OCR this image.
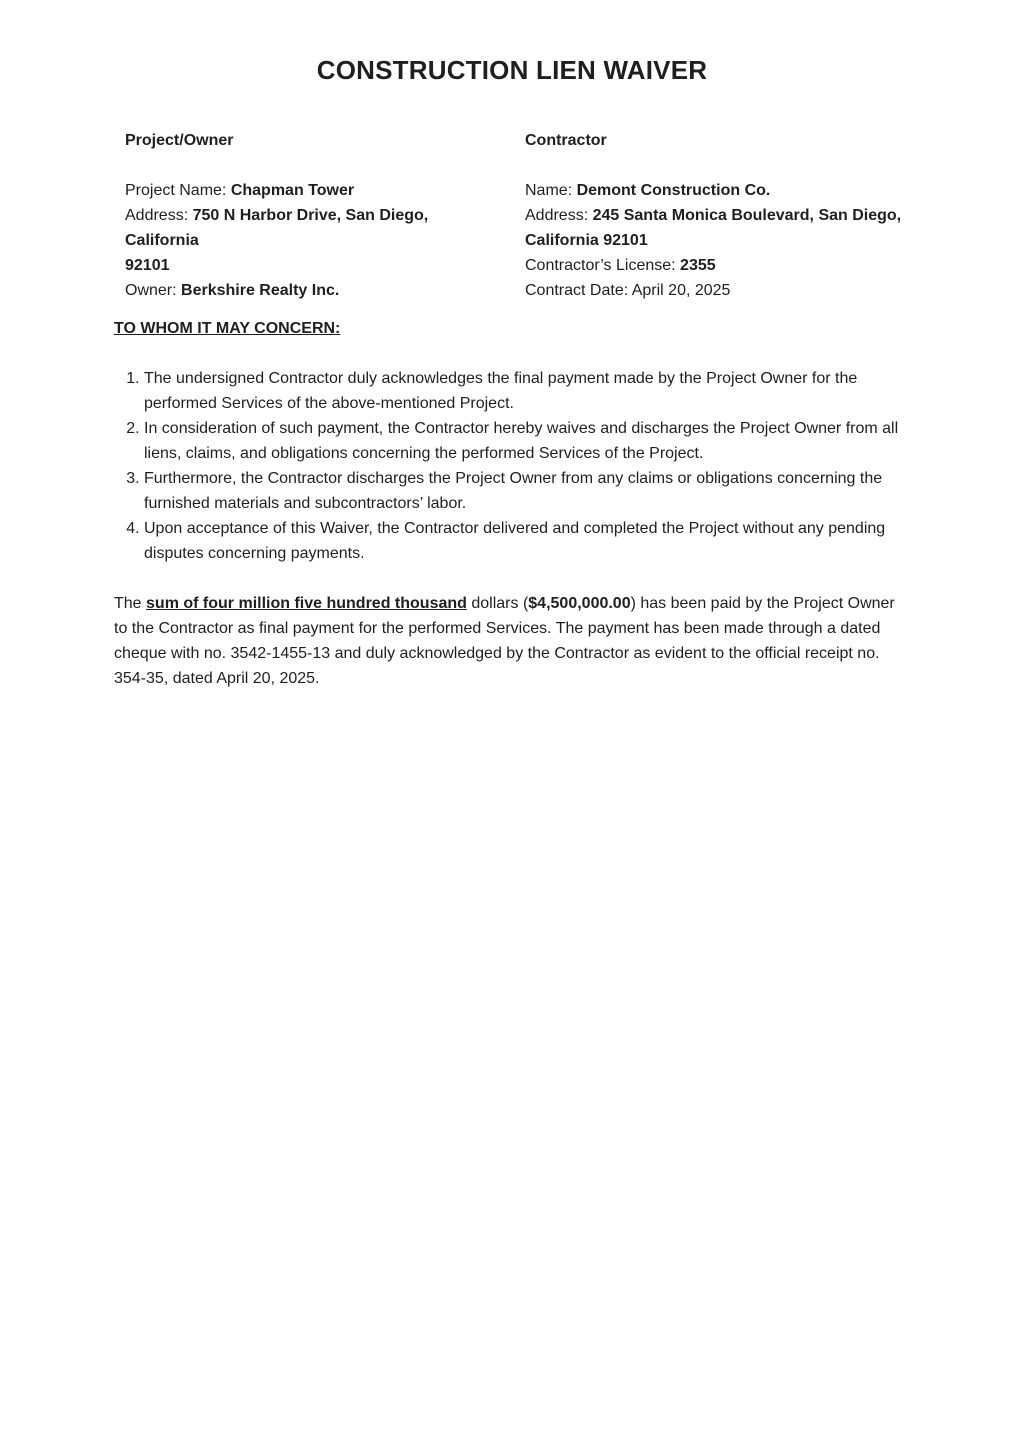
CONSTRUCTION LIEN WAIVER
Project/Owner
Project Name: Chapman Tower
Address: 750 N Harbor Drive, San Diego, California
92101
Owner: Berkshire Realty Inc.
Contractor
Name: Demont Construction Co.
Address: 245 Santa Monica Boulevard, San Diego,
California 92101
Contractor’s License: 2355
Contract Date: April 20, 2025
TO WHOM IT MAY CONCERN:
1. The undersigned Contractor duly acknowledges the final payment made by the Project Owner for the performed Services of the above-mentioned Project.
2. In consideration of such payment, the Contractor hereby waives and discharges the Project Owner from all liens, claims, and obligations concerning the performed Services of the Project.
3. Furthermore, the Contractor discharges the Project Owner from any claims or obligations concerning the furnished materials and subcontractors’ labor.
4. Upon acceptance of this Waiver, the Contractor delivered and completed the Project without any pending disputes concerning payments.

The sum of four million five hundred thousand dollars ($4,500,000.00) has been paid by the Project Owner to the Contractor as final payment for the performed Services. The payment has been made through a dated cheque with no. 3542-1455-13 and duly acknowledged by the Contractor as evident to the official receipt no. 354-35, dated April 20, 2025.
